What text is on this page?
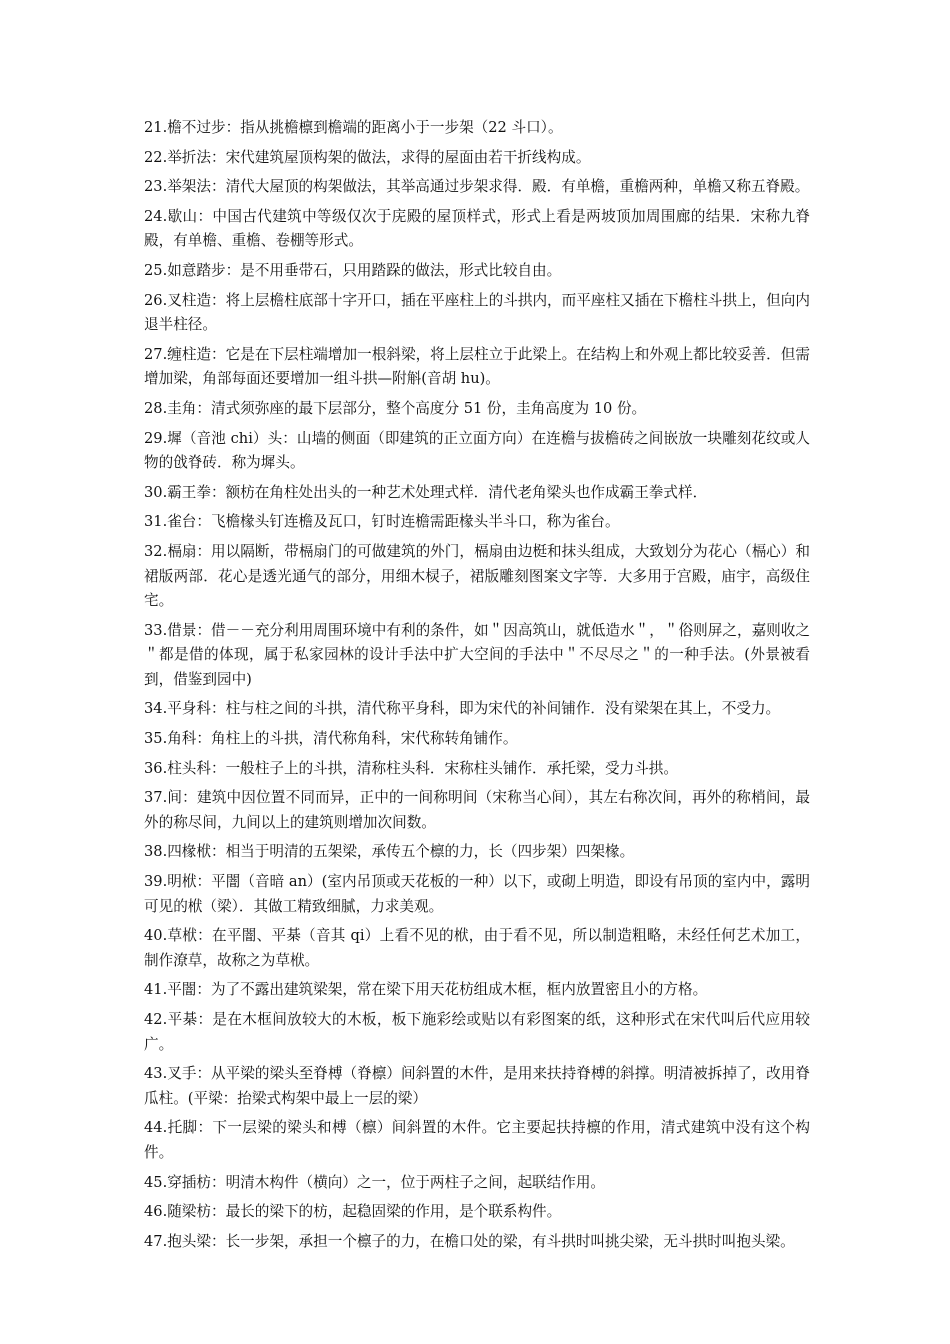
21.檐不过步：指从挑檐檩到檐端的距离小于一步架（22 斗口）。

22.举折法：宋代建筑屋顶构架的做法，求得的屋面由若干折线构成。

23.举架法：清代大屋顶的构架做法，其举高通过步架求得．殿．有单檐，重檐两种，单檐又称五脊殿。

24.歇山：中国古代建筑中等级仅次于庑殿的屋顶样式，形式上看是两坡顶加周围廊的结果．宋称九脊殿，有单檐、重檐、卷棚等形式。

25.如意踏步：是不用垂带石，只用踏跺的做法，形式比较自由。

26.叉柱造：将上层檐柱底部十字开口，插在平座柱上的斗拱内，而平座柱又插在下檐柱斗拱上，但向内退半柱径。

27.缠柱造：它是在下层柱端增加一根斜梁，将上层柱立于此梁上。在结构上和外观上都比较妥善．但需增加梁，角部每面还要增加一组斗拱—附斛(音胡 hu)。

28.圭角：清式须弥座的最下层部分，整个高度分 51 份，圭角高度为 10 份。

29.墀（音池 chi）头：山墙的侧面（即建筑的正立面方向）在连檐与拔檐砖之间嵌放一块雕刻花纹或人物的戗脊砖．称为墀头。

30.霸王拳：额枋在角柱处出头的一种艺术处理式样．清代老角梁头也作成霸王拳式样．

31.雀台：飞檐椽头钉连檐及瓦口，钉时连檐需距椽头半斗口，称为雀台。

32.槅扇：用以隔断，带槅扇门的可做建筑的外门，槅扇由边梃和抹头组成，大致划分为花心（槅心）和裙版两部．花心是透光通气的部分，用细木棂子，裙版雕刻图案文字等．大多用于宫殿，庙宇，高级住宅。

33.借景：借－－充分利用周围环境中有利的条件，如＂因高筑山，就低造水＂，＂俗则屏之，嘉则收之＂都是借的体现，属于私家园林的设计手法中扩大空间的手法中＂不尽尽之＂的一种手法。(外景被看到，借鉴到园中)

34.平身科：柱与柱之间的斗拱，清代称平身科，即为宋代的补间铺作．没有梁架在其上，不受力。

35.角科：角柱上的斗拱，清代称角科，宋代称转角铺作。

36.柱头科：一般柱子上的斗拱，清称柱头科．宋称柱头铺作．承托梁，受力斗拱。

37.间：建筑中因位置不同而异，正中的一间称明间（宋称当心间），其左右称次间，再外的称梢间，最外的称尽间，九间以上的建筑则增加次间数。

38.四椽栿：相当于明清的五架梁，承传五个檩的力，长（四步架）四架椽。

39.明栿：平闇（音暗 an）(室内吊顶或天花板的一种）以下，或砌上明造，即设有吊顶的室内中，露明可见的栿（梁）．其做工精致细腻，力求美观。

40.草栿：在平闇、平棊（音其 qi）上看不见的栿，由于看不见，所以制造粗略，未经任何艺术加工，制作潦草，故称之为草栿。

41.平闇：为了不露出建筑梁架，常在梁下用天花枋组成木框，框内放置密且小的方格。

42.平棊：是在木框间放较大的木板，板下施彩绘或贴以有彩图案的纸，这种形式在宋代叫后代应用较广。

43.叉手：从平梁的梁头至脊榑（脊檩）间斜置的木件，是用来扶持脊榑的斜撑。明清被拆掉了，改用脊瓜柱。(平梁：抬梁式构架中最上一层的梁）

44.托脚：下一层梁的梁头和榑（檩）间斜置的木件。它主要起扶持檩的作用，清式建筑中没有这个构件。

45.穿插枋：明清木构件（横向）之一，位于两柱子之间，起联结作用。

46.随梁枋：最长的梁下的枋，起稳固梁的作用，是个联系构件。

47.抱头梁：长一步架，承担一个檩子的力，在檐口处的梁，有斗拱时叫挑尖梁，无斗拱时叫抱头梁。
